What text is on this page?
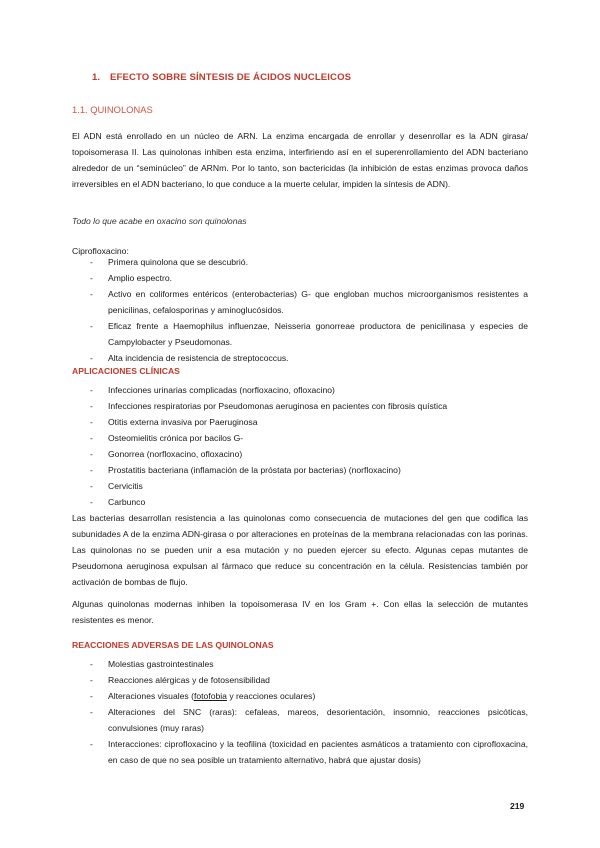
1. EFECTO SOBRE SÍNTESIS DE ÁCIDOS NUCLEICOS
1.1. QUINOLONAS

El ADN está enrollado en un núcleo de ARN. La enzima encargada de enrollar y desenrollar es la ADN girasa/ topoisomerasa II. Las quinolonas inhiben esta enzima, interfiriendo así en el superenrollamiento del ADN bacteriano alrededor de un “seminúcleo” de ARNm. Por lo tanto, son bactericidas (la inhibición de estas enzimas provoca daños irreversibles en el ADN bacteriano, lo que conduce a la muerte celular, impiden la síntesis de ADN).

Todo lo que acabe en oxacino son quinolonas
Ciprofloxacino:
- Primera quinolona que se descubrió.
- Amplio espectro.
- Activo en coliformes entéricos (enterobacterias) G- que engloban muchos microorganismos resistentes a penicilinas, cefalosporinas y aminoglucósidos.
- Eficaz frente a Haemophilus influenzae, Neisseria gonorreae productora de penicilinasa y especies de Campylobacter y Pseudomonas.
- Alta incidencia de resistencia de streptococcus.
APLICACIONES CLÍNICAS
- Infecciones urinarias complicadas (norfloxacino, ofloxacino)
- Infecciones respiratorias por Pseudomonas aeruginosa en pacientes con fibrosis quística
- Otitis externa invasiva por Paeruginosa
- Osteomielitis crónica por bacilos G-
- Gonorrea (norfloxacino, ofloxacino)
- Prostatitis bacteriana (inflamación de la próstata por bacterias) (norfloxacino)
- Cervicitis
- Carbunco

Las bacterias desarrollan resistencia a las quinolonas como consecuencia de mutaciones del gen que codifica las subunidades A de la enzima ADN-girasa o por alteraciones en proteínas de la membrana relacionadas con las porinas. Las quinolonas no se pueden unir a esa mutación y no pueden ejercer su efecto. Algunas cepas mutantes de Pseudomona aeruginosa expulsan al fármaco que reduce su concentración en la célula. Resistencias también por activación de bombas de flujo.

Algunas quinolonas modernas inhiben la topoisomerasa IV en los Gram +. Con ellas la selección de mutantes resistentes es menor.

REACCIONES ADVERSAS DE LAS QUINOLONAS
- Molestias gastrointestinales
- Reacciones alérgicas y de fotosensibilidad
- Alteraciones visuales (fotofobia y reacciones oculares)
- Alteraciones del SNC (raras): cefaleas, mareos, desorientación, insomnio, reacciones psicóticas, convulsiones (muy raras)
- Interacciones: ciprofloxacino y la teofilina (toxicidad en pacientes asmáticos a tratamiento con ciprofloxacina, en caso de que no sea posible un tratamiento alternativo, habrá que ajustar dosis)
219
